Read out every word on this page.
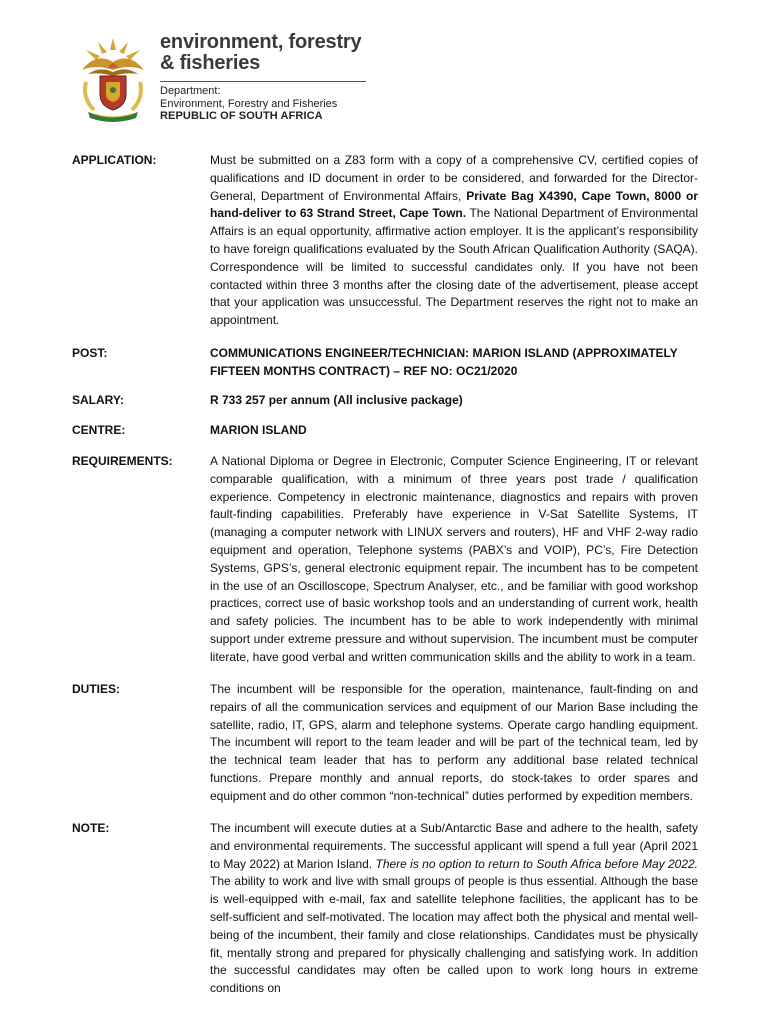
environment, forestry
& fisheries
Department:
Environment, Forestry and Fisheries
REPUBLIC OF SOUTH AFRICA
APPLICATION:	Must be submitted on a Z83 form with a copy of a comprehensive CV, certified copies of qualifications and ID document in order to be considered, and forwarded for the Director-General, Department of Environmental Affairs, Private Bag X4390, Cape Town, 8000 or hand-deliver to 63 Strand Street, Cape Town. The National Department of Environmental Affairs is an equal opportunity, affirmative action employer. It is the applicant’s responsibility to have foreign qualifications evaluated by the South African Qualification Authority (SAQA). Correspondence will be limited to successful candidates only. If you have not been contacted within three 3 months after the closing date of the advertisement, please accept that your application was unsuccessful. The Department reserves the right not to make an appointment.

POST:	COMMUNICATIONS ENGINEER/TECHNICIAN: MARION ISLAND (APPROXIMATELY FIFTEEN MONTHS CONTRACT) – REF NO: OC21/2020
SALARY:	R 733 257 per annum (All inclusive package)
CENTRE:	MARION ISLAND
REQUIREMENTS:	A National Diploma or Degree in Electronic, Computer Science Engineering, IT or relevant comparable qualification, with a minimum of three years post trade / qualification experience. Competency in electronic maintenance, diagnostics and repairs with proven fault-finding capabilities. Preferably have experience in V-Sat Satellite Systems, IT (managing a computer network with LINUX servers and routers), HF and VHF 2-way radio equipment and operation, Telephone systems (PABX’s and VOIP), PC’s, Fire Detection Systems, GPS’s, general electronic equipment repair. The incumbent has to be competent in the use of an Oscilloscope, Spectrum Analyser, etc., and be familiar with good workshop practices, correct use of basic workshop tools and an understanding of current work, health and safety policies. The incumbent has to be able to work independently with minimal support under extreme pressure and without supervision. The incumbent must be computer literate, have good verbal and written communication skills and the ability to work in a team.
DUTIES:	The incumbent will be responsible for the operation, maintenance, fault-finding on and repairs of all the communication services and equipment of our Marion Base including the satellite, radio, IT, GPS, alarm and telephone systems. Operate cargo handling equipment. The incumbent will report to the team leader and will be part of the technical team, led by the technical team leader that has to perform any additional base related technical functions. Prepare monthly and annual reports, do stock-takes to order spares and equipment and do other common “non-technical” duties performed by expedition members.
NOTE:	The incumbent will execute duties at a Sub/Antarctic Base and adhere to the health, safety and environmental requirements. The successful applicant will spend a full year (April 2021 to May 2022) at Marion Island. There is no option to return to South Africa before May 2022. The ability to work and live with small groups of people is thus essential. Although the base is well-equipped with e-mail, fax and satellite telephone facilities, the applicant has to be self-sufficient and self-motivated. The location may affect both the physical and mental well-being of the incumbent, their family and close relationships. Candidates must be physically fit, mentally strong and prepared for physically challenging and satisfying work. In addition the successful candidates may often be called upon to work long hours in extreme conditions on
